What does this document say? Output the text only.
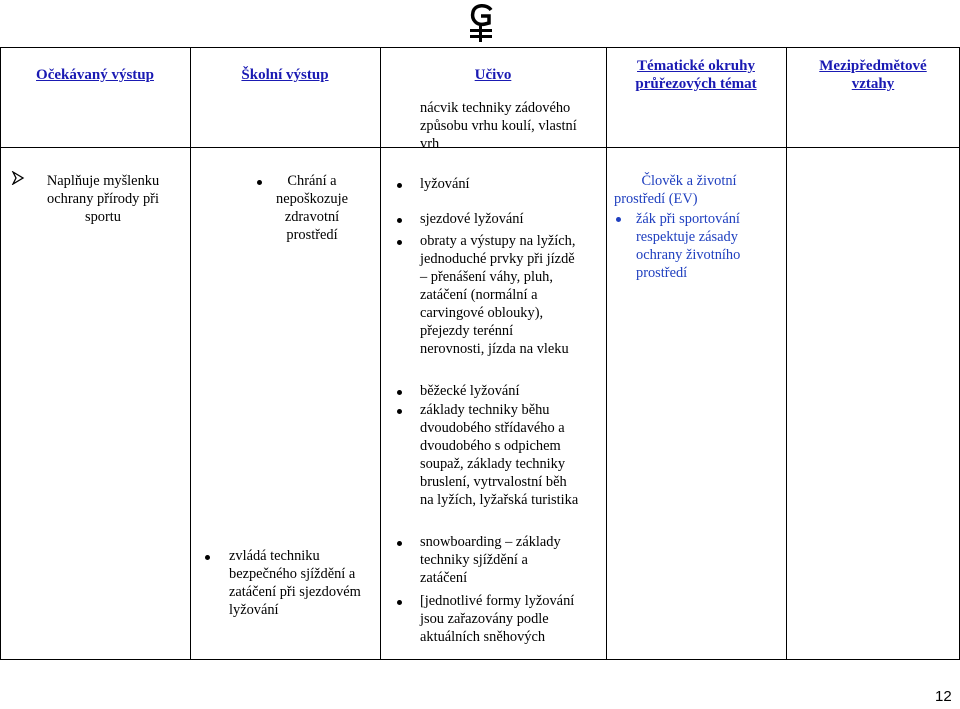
Očekávaný výstup	Školní výstup	Učivo
Tématické okruhy
průřezových témat
Mezipředmětové
vztahy
nácvik techniky zádového
způsobu vrhu koulí, vlastní
vrh
Naplňuje myšlenku
ochrany přírody při
sportu
Chrání a
nepoškozuje
zdravotní
prostředí
lyžování
sjezdové lyžování
obraty a výstupy na lyžích,
jednoduché prvky při jízdě
– přenášení váhy, pluh,
zatáčení (normální a
carvingové oblouky),
přejezdy terénní
nerovnosti, jízda na vleku
Člověk a životní
prostředí (EV)
žák při sportování
respektuje zásady
ochrany životního
prostředí
běžecké lyžování
základy techniky běhu
dvoudobého střídavého a
dvoudobého s odpichem
soupaž, základy techniky
bruslení, vytrvalostní běh
na lyžích, lyžařská turistika
zvládá techniku
bezpečného sjíždění a
zatáčení při sjezdovém
lyžování
snowboarding – základy
techniky sjíždění a
zatáčení
[jednotlivé formy lyžování
jsou zařazovány podle
aktuálních sněhových
12
